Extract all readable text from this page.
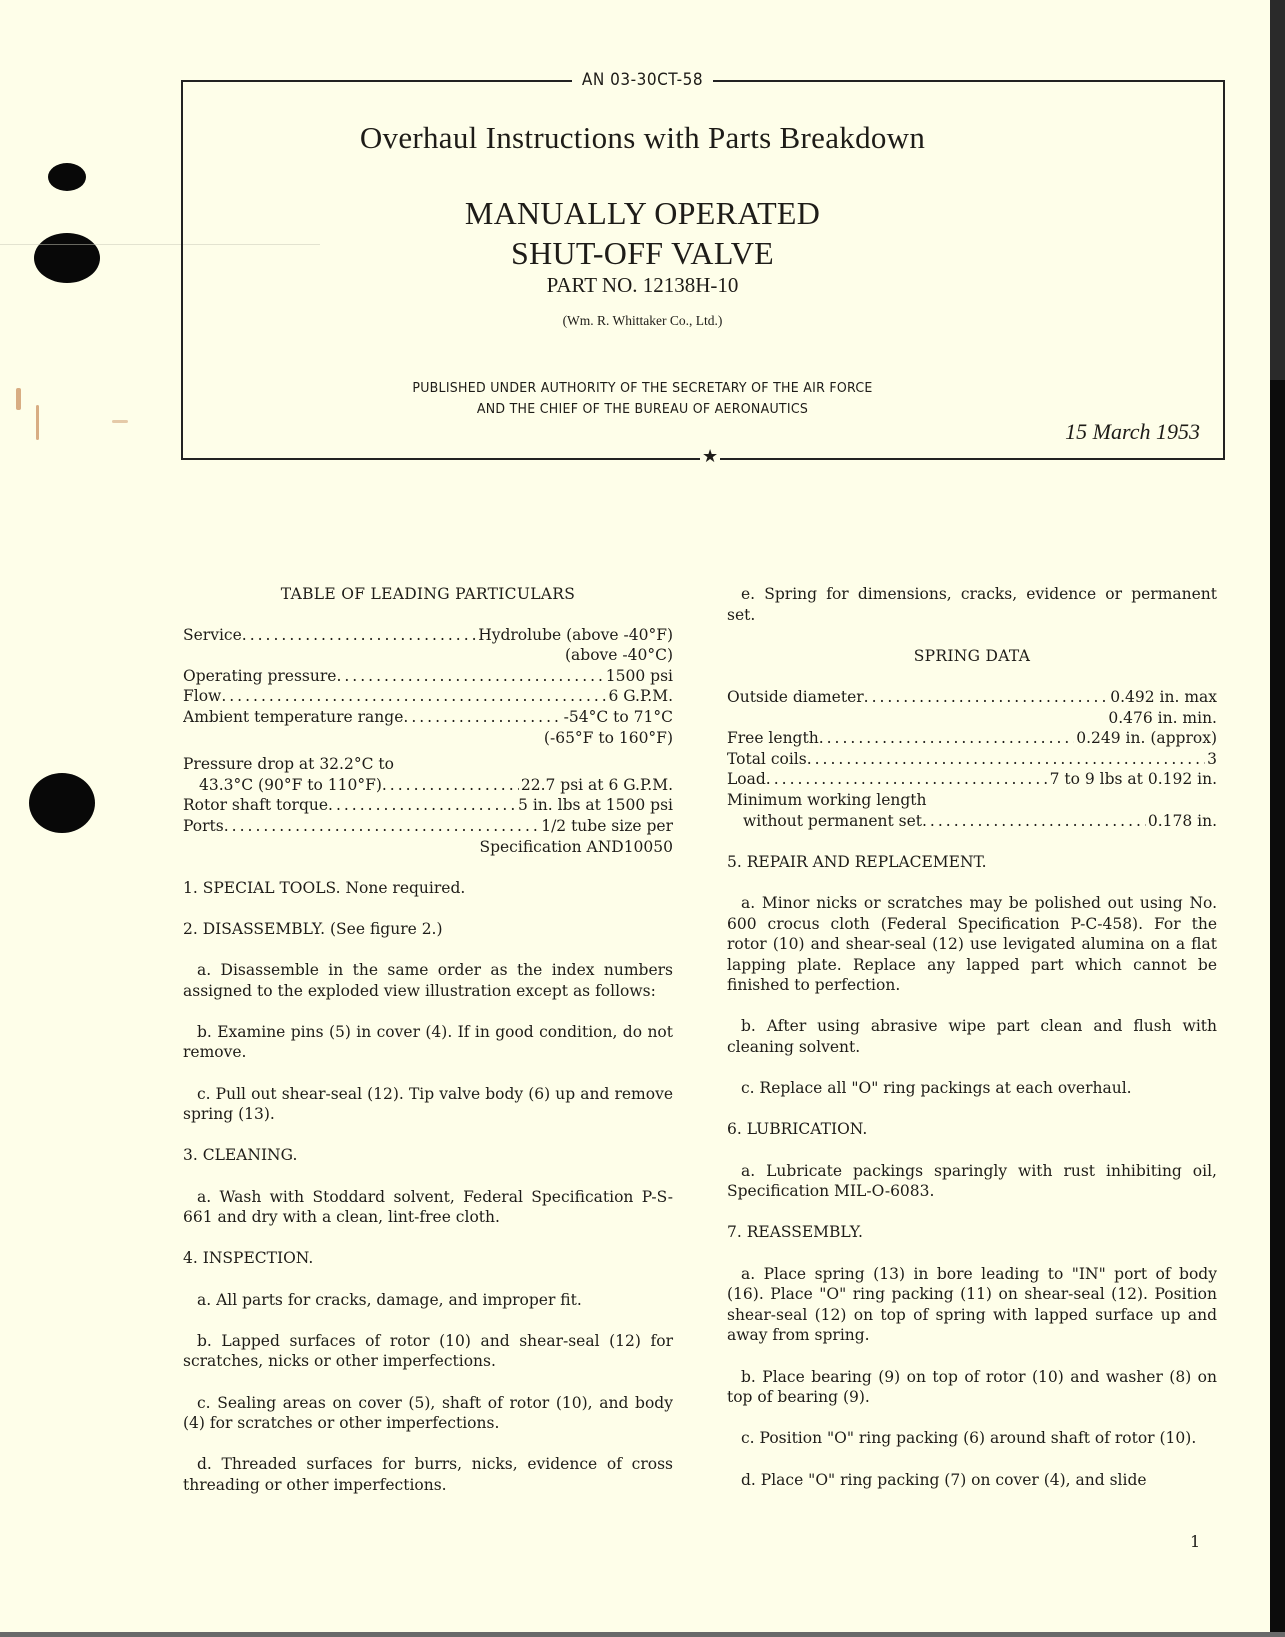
AN 03-30CT-58
Overhaul Instructions with Parts Breakdown
MANUALLY OPERATED
SHUT-OFF VALVE
PART NO. 12138H-10
(Wm. R. Whittaker Co., Ltd.)
PUBLISHED UNDER AUTHORITY OF THE SECRETARY OF THE AIR FORCE
AND THE CHIEF OF THE BUREAU OF AERONAUTICS
15 March 1953
★
TABLE OF LEADING PARTICULARS
Service .....	Hydrolube (above -40°F)
(above -40°C)
Operating pressure .....	1500 psi
Flow .....	6 G.P.M.
Ambient temperature range .....	-54°C to 71°C
(-65°F to 160°F)
Pressure drop at 32.2°C to
43.3°C (90°F to 110°F) .....	22.7 psi at 6 G.P.M.
Rotor shaft torque .....	5 in. lbs at 1500 psi
Ports .....	1/2 tube size per
Specification AND10050
1. SPECIAL TOOLS. None required.
2. DISASSEMBLY. (See figure 2.)
a. Disassemble in the same order as the index numbers assigned to the exploded view illustration except as follows:
b. Examine pins (5) in cover (4). If in good condition, do not remove.
c. Pull out shear-seal (12). Tip valve body (6) up and remove spring (13).
3. CLEANING.
a. Wash with Stoddard solvent, Federal Specification P-S-661 and dry with a clean, lint-free cloth.
4. INSPECTION.
a. All parts for cracks, damage, and improper fit.
b. Lapped surfaces of rotor (10) and shear-seal (12) for scratches, nicks or other imperfections.
c. Sealing areas on cover (5), shaft of rotor (10), and body (4) for scratches or other imperfections.
d. Threaded surfaces for burrs, nicks, evidence of cross threading or other imperfections.
e. Spring for dimensions, cracks, evidence or permanent set.
SPRING DATA
Outside diameter .....	0.492 in. max
0.476 in. min.
Free length .....	0.249 in. (approx)
Total coils .....	3
Load .....	7 to 9 lbs at 0.192 in.
Minimum working length
without permanent set .....	0.178 in.
5. REPAIR AND REPLACEMENT.
a. Minor nicks or scratches may be polished out using No. 600 crocus cloth (Federal Specification P-C-458). For the rotor (10) and shear-seal (12) use levigated alumina on a flat lapping plate. Replace any lapped part which cannot be finished to perfection.
b. After using abrasive wipe part clean and flush with cleaning solvent.
c. Replace all "O" ring packings at each overhaul.
6. LUBRICATION.
a. Lubricate packings sparingly with rust inhibiting oil, Specification MIL-O-6083.
7. REASSEMBLY.
a. Place spring (13) in bore leading to "IN" port of body (16). Place "O" ring packing (11) on shear-seal (12). Position shear-seal (12) on top of spring with lapped surface up and away from spring.
b. Place bearing (9) on top of rotor (10) and washer (8) on top of bearing (9).
c. Position "O" ring packing (6) around shaft of rotor (10).
d. Place "O" ring packing (7) on cover (4), and slide
1
